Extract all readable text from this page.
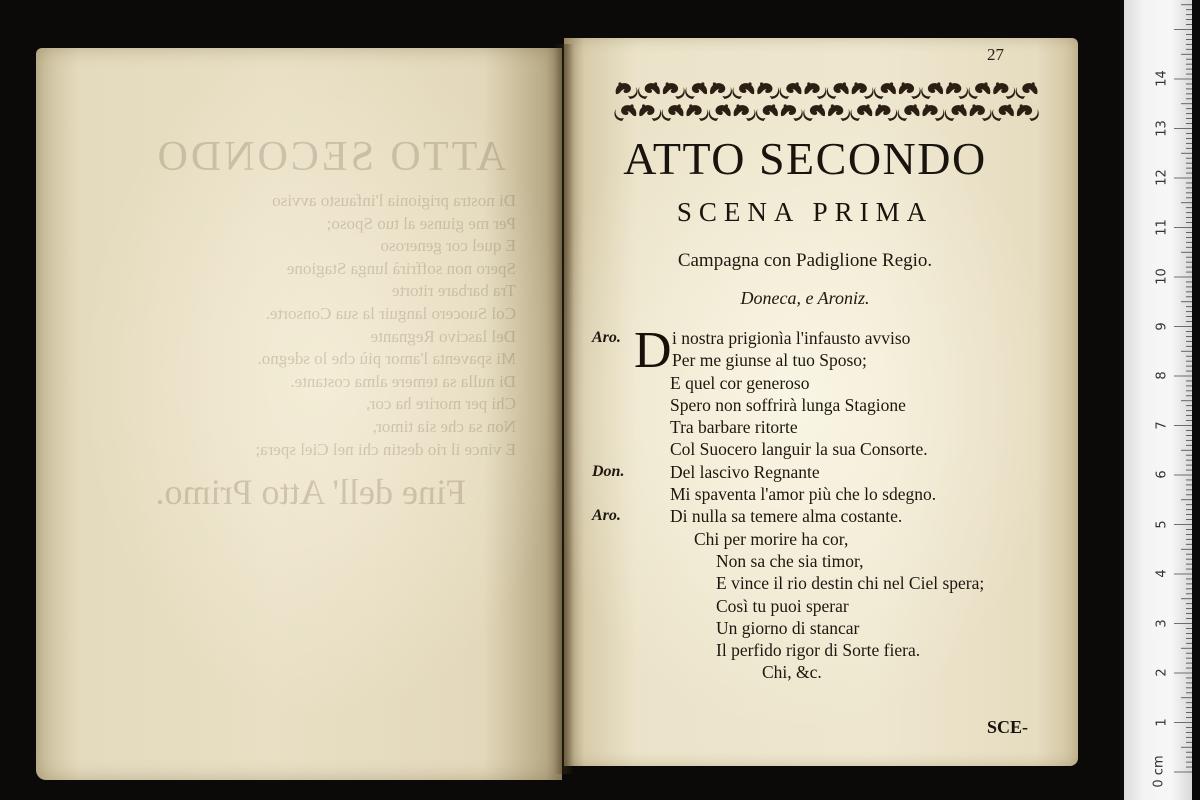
ATTO SECONDO
Di nostra prigionia l'infausto avviso
Per me giunse al tuo Sposo;
E quel cor generoso
Spero non soffrirà lunga Stagione
Tra barbare ritorte
Col Suocero languir la sua Consorte.
Del lascivo Regnante
Mi spaventa l'amor più che lo sdegno.
Di nulla sa temere alma costante.
Chi per morire ha cor,
Non sa che sia timor,
E vince il rio destin chi nel Ciel spera;
Fine dell' Atto Primo.
27
ATTO SECONDO
SCENA PRIMA
Campagna con Padiglione Regio.
Doneca, e Aroniz.
D
Aro.	i nostra prigionìa l'infausto avviso
Per me giunse al tuo Sposo;
E quel cor generoso
Spero non soffrirà lunga Stagione
Tra barbare ritorte
Col Suocero languir la sua Consorte.
Don.	Del lascivo Regnante
Mi spaventa l'amor più che lo sdegno.
Aro.	Di nulla sa temere alma costante.
Chi per morire ha cor,
Non sa che sia timor,
E vince il rio destin chi nel Ciel spera;
Così tu puoi sperar
Un giorno di stancar
Il perfido rigor di Sorte fiera.
Chi, &c.
SCE-
14
13
12
11
10
9
8
7
6
5
4
3
2
1
0 cm
